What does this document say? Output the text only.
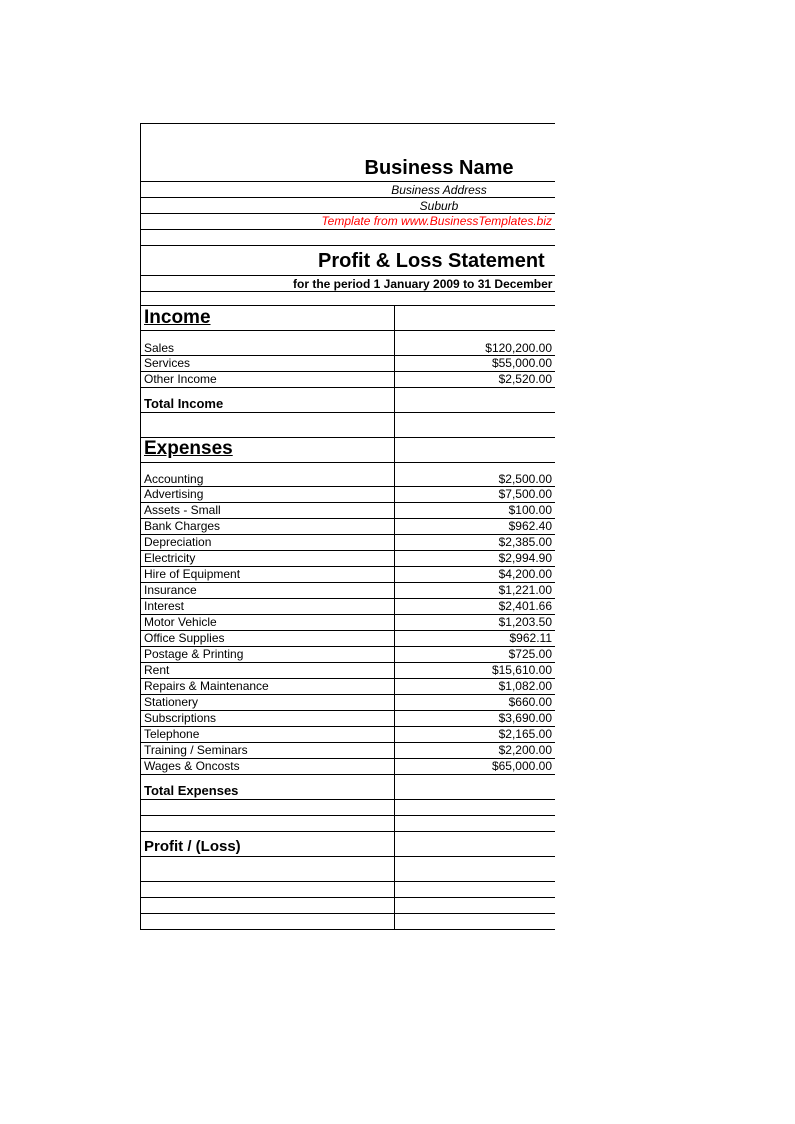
Business Name
Business Address
Suburb
Template from www.BusinessTemplates.biz
Profit & Loss Statement
for the period 1 January 2009 to 31 December
Income
Sales	$120,200.00
Services	$55,000.00
Other Income	$2,520.00
Total Income
Expenses
Accounting	$2,500.00
Advertising	$7,500.00
Assets - Small	$100.00
Bank Charges	$962.40
Depreciation	$2,385.00
Electricity	$2,994.90
Hire of Equipment	$4,200.00
Insurance	$1,221.00
Interest	$2,401.66
Motor Vehicle	$1,203.50
Office Supplies	$962.11
Postage & Printing	$725.00
Rent	$15,610.00
Repairs & Maintenance	$1,082.00
Stationery	$660.00
Subscriptions	$3,690.00
Telephone	$2,165.00
Training / Seminars	$2,200.00
Wages & Oncosts	$65,000.00
Total Expenses
Profit / (Loss)
